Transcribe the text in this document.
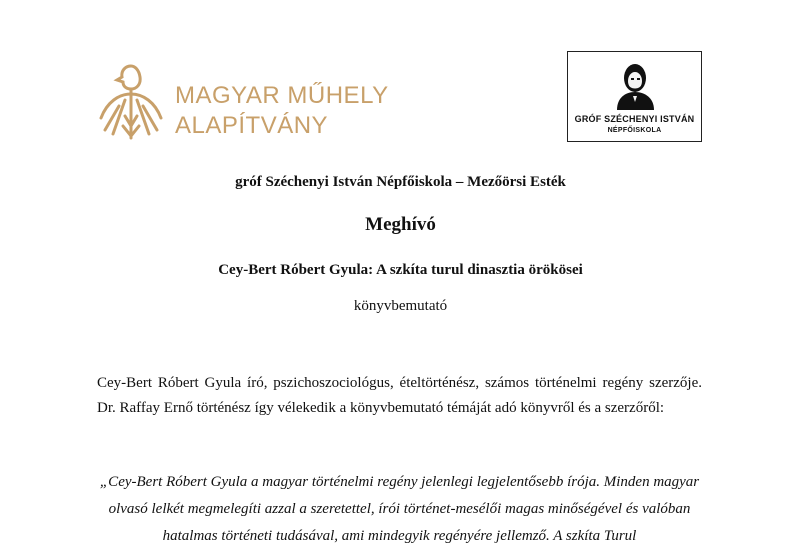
MAGYAR MŰHELY
ALAPÍTVÁNY	GRÓF SZÉCHENYI ISTVÁN
NÉPFŐISKOLA
gróf Széchenyi István Népfőiskola – Mezőörsi Esték
Meghívó
Cey-Bert Róbert Gyula: A szkíta turul dinasztia örökösei
könyvbemutató
Cey-Bert Róbert Gyula író, pszichoszociológus, ételtörténész, számos történelmi regény szerzője. Dr. Raffay Ernő történész így vélekedik a könyvbemutató témáját adó könyvről és a szerzőről:
„Cey-Bert Róbert Gyula a magyar történelmi regény jelenlegi legjelentősebb írója. Minden magyar olvasó lelkét megmelegíti azzal a szeretettel, írói történet-mesélői magas minőségével és valóban hatalmas történeti tudásával, ami mindegyik regényére jellemző. A szkíta Turul
